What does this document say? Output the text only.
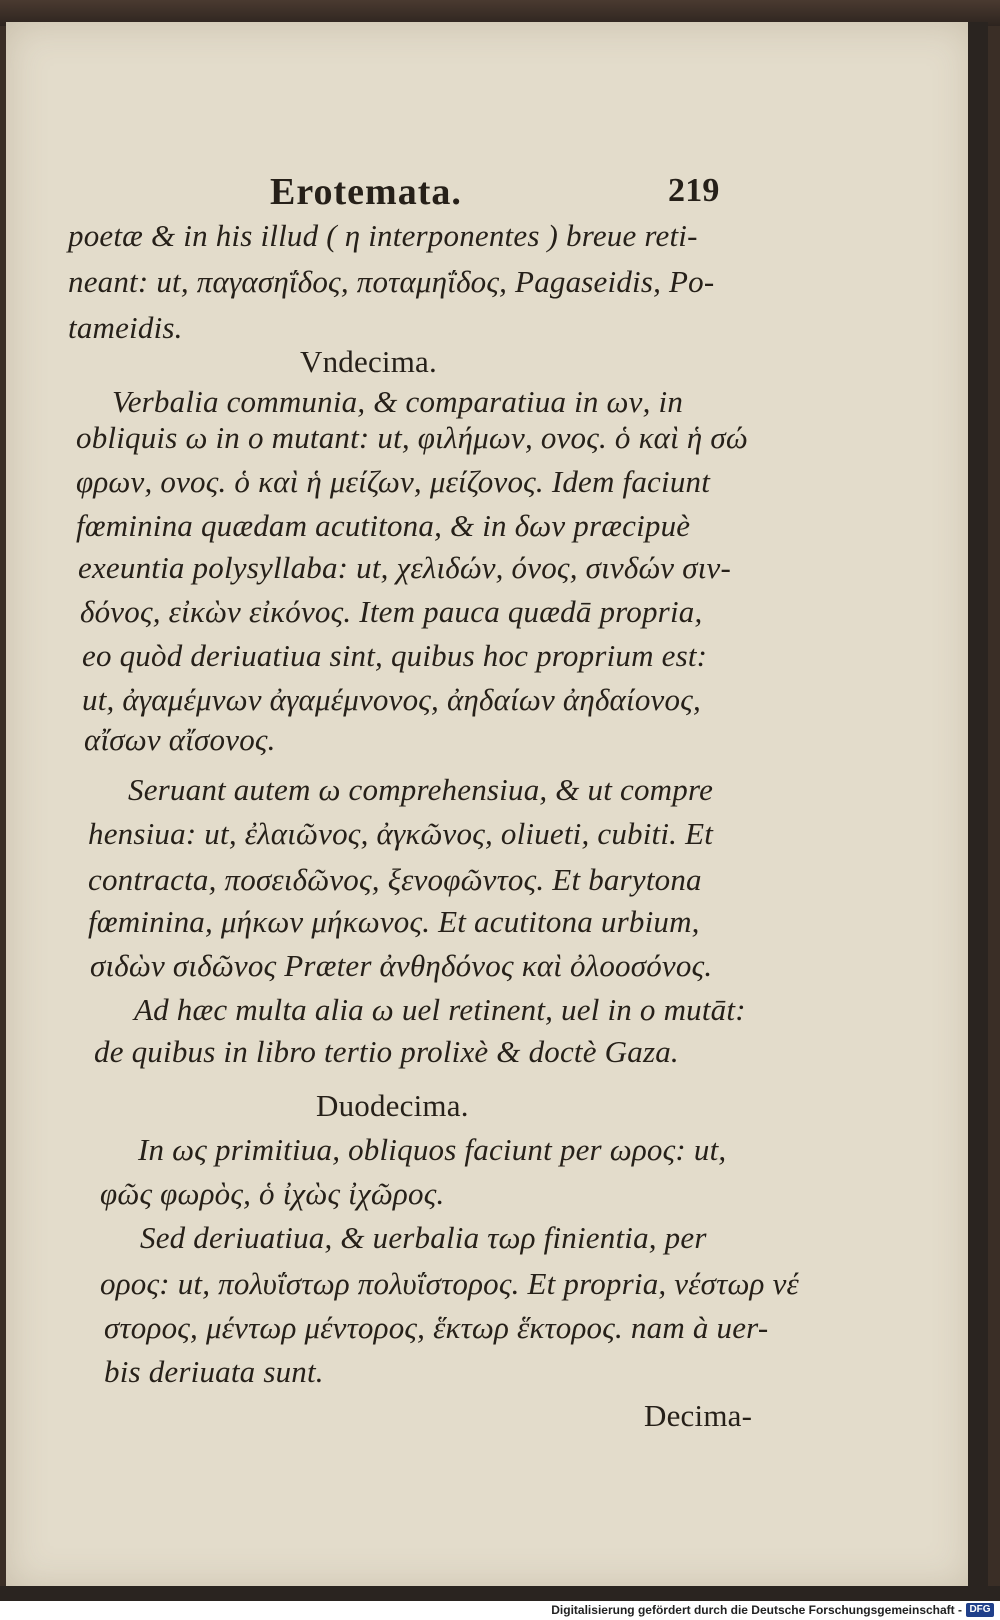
Erotemata.	219
poetæ & in his illud ( η interponentes ) breue reti-
neant: ut, παγασηΐδος, ποταμηΐδος, Pagaseidis, Po-
tameidis.
Vndecima.
Verbalia communia, & comparatiua in ων, in
obliquis ω in ο mutant: ut, φιλήμων, ονος. ὁ καὶ ἡ σώ
φρων, ονος. ὁ καὶ ἡ μείζων, μείζονος. Idem faciunt
fœminina quædam acutitona, & in δων præcipuè
exeuntia polysyllaba: ut, χελιδών, όνος, σινδών σιν-
δόνος, εἰκὼν εἰκόνος. Item pauca quædā propria,
eo quòd deriuatiua sint, quibus hoc proprium est:
ut, ἀγαμέμνων ἀγαμέμνονος, ἀηδαίων ἀηδαίονος,
αἴσων αἴσονος.
Seruant autem ω comprehensiua, & ut compre
hensiua: ut, ἐλαιῶνος, ἀγκῶνος, oliueti, cubiti. Et
contracta, ποσειδῶνος, ξενοφῶντος. Et barytona
fœminina, μήκων μήκωνος. Et acutitona urbium,
σιδὼν σιδῶνος Præter ἀνθηδόνος καὶ ὀλοοσόνος.
Ad hæc multa alia ω uel retinent, uel in ο mutāt:
de quibus in libro tertio prolixè & doctè Gaza.
Duodecima.
In ως primitiua, obliquos faciunt per ωρος: ut,
φῶς φωρὸς, ὁ ἰχὼς ἰχῶρος.
Sed deriuatiua, & uerbalia τωρ finientia, per
ορος: ut, πολυΐστωρ πολυΐστορος. Et propria, νέστωρ νέ
στορος, μέντωρ μέντορος, ἕκτωρ ἕκτορος. nam à uer-
bis deriuata sunt.
Decima-
Digitalisierung gefördert durch die Deutsche Forschungsgemeinschaft - DFG
